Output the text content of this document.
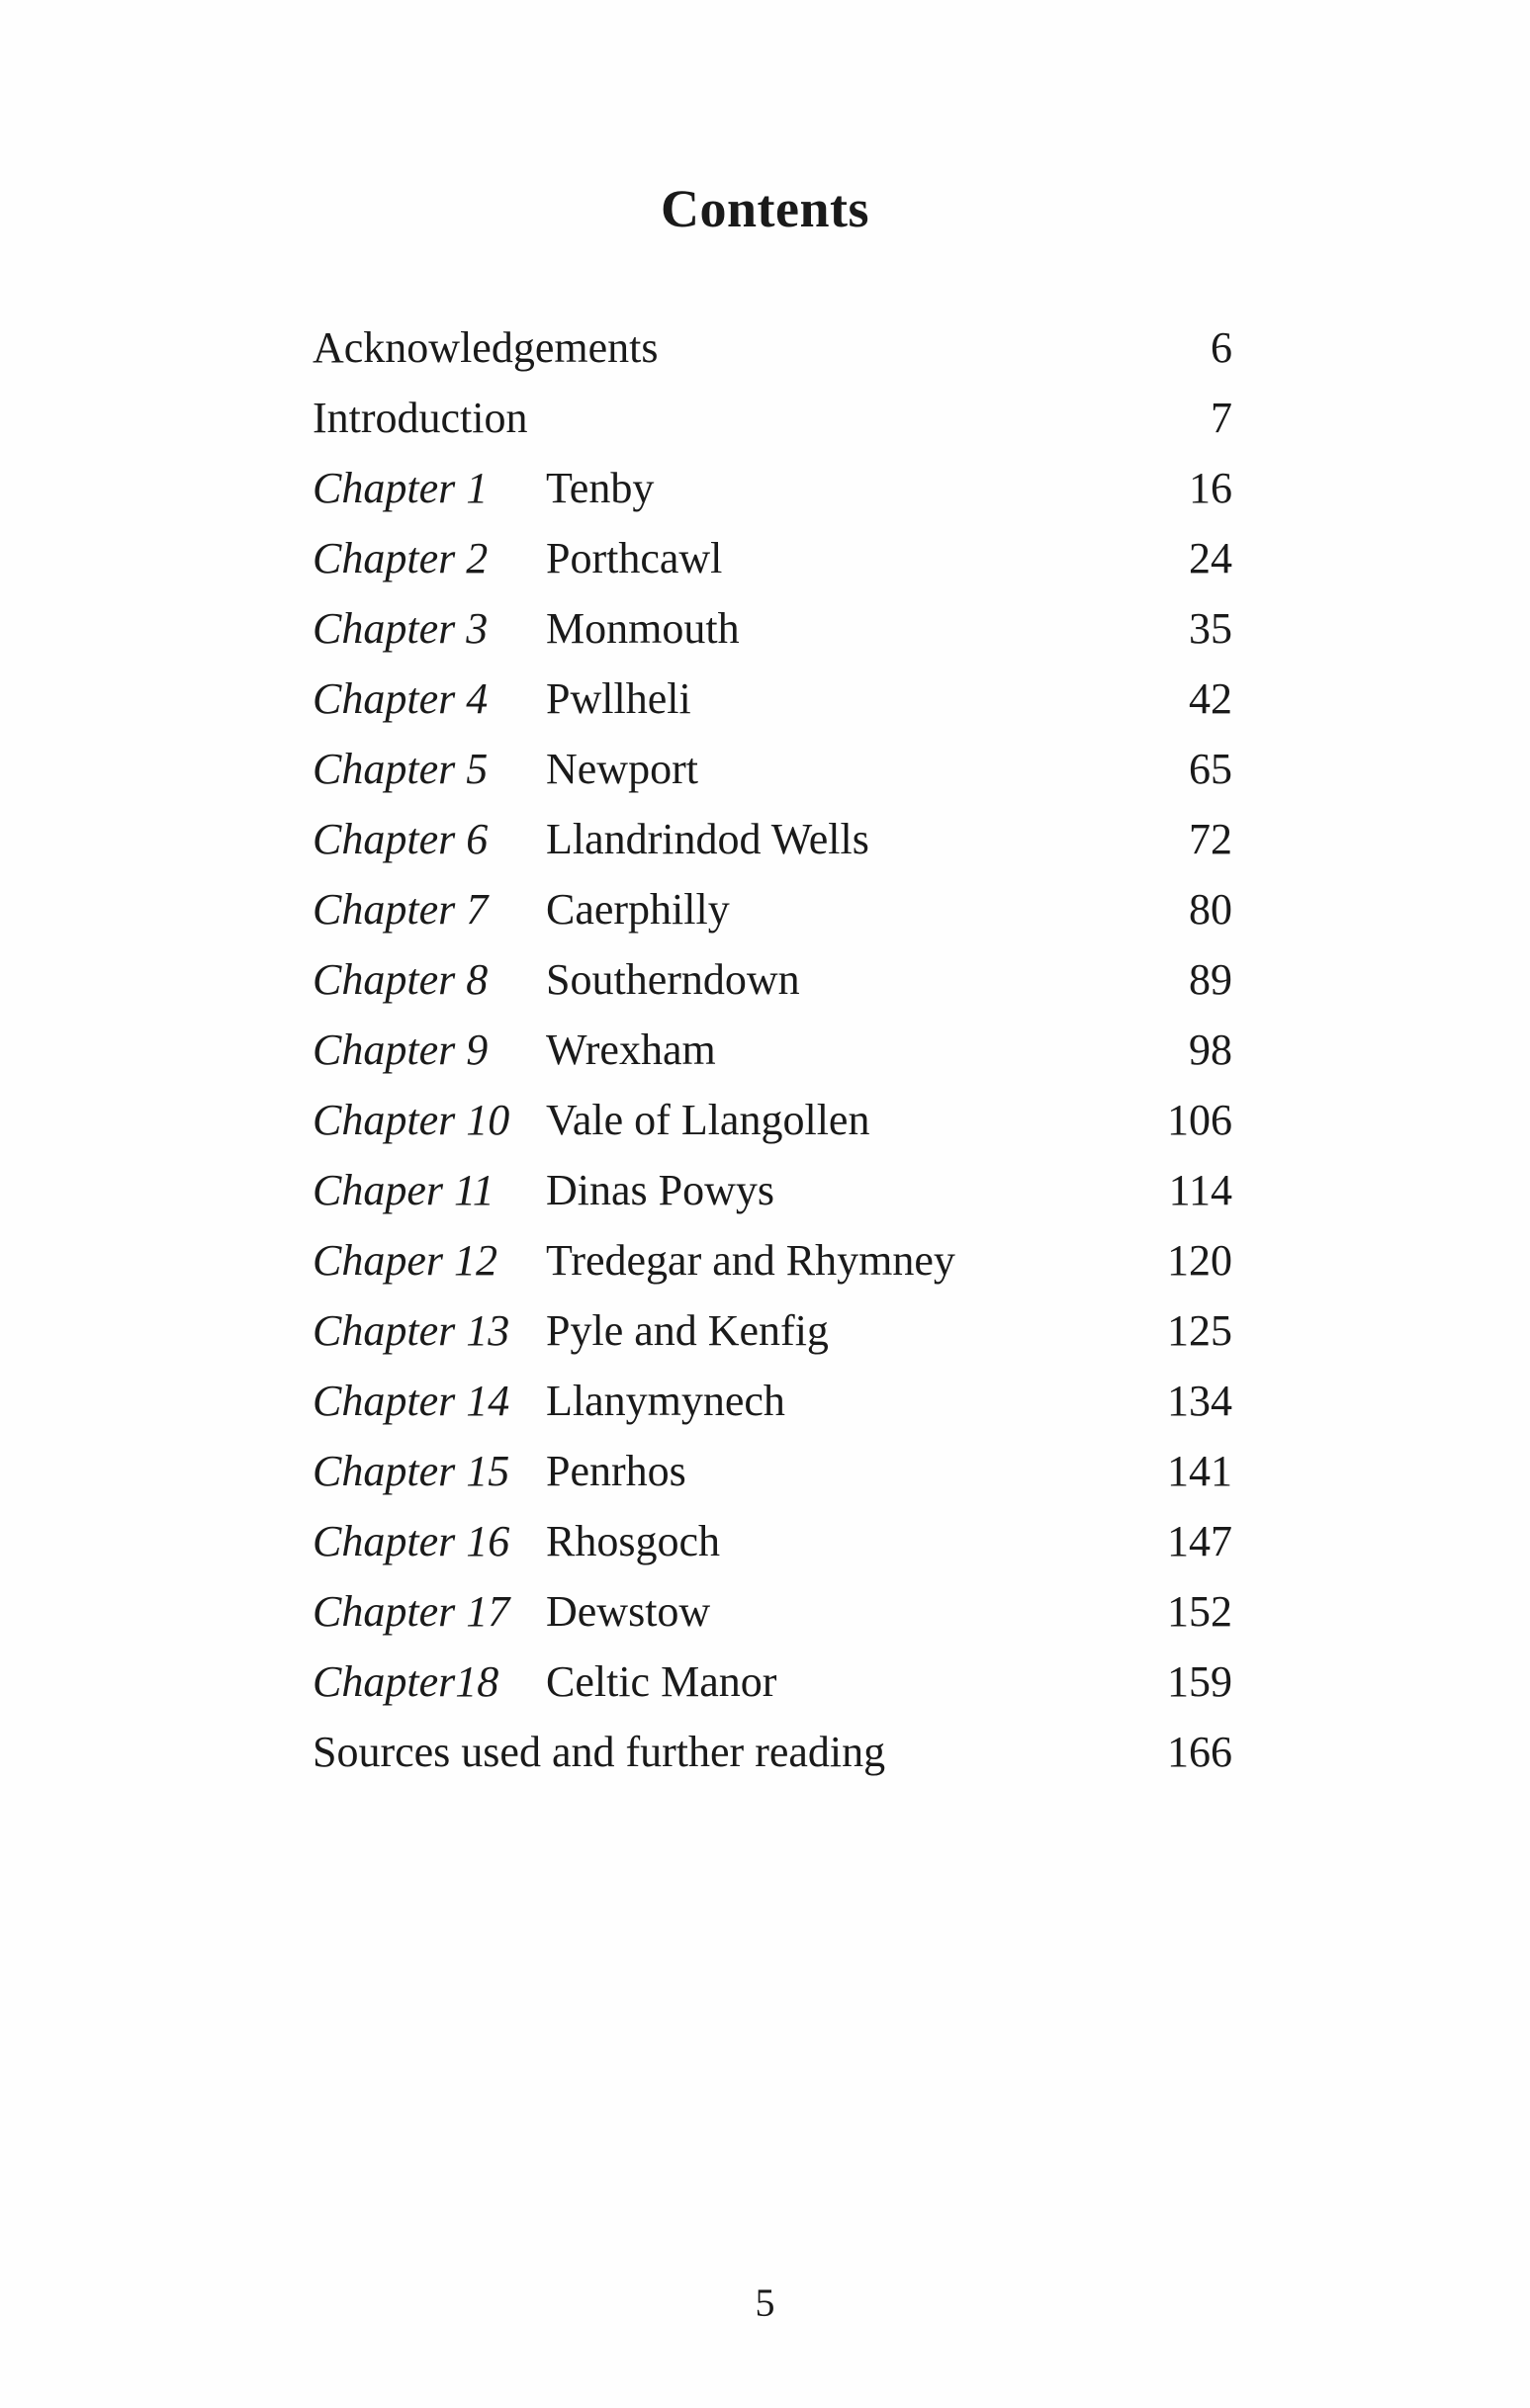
Contents
Acknowledgements	6
Introduction	7
Chapter 1 Tenby	16
Chapter 2 Porthcawl	24
Chapter 3 Monmouth	35
Chapter 4 Pwllheli	42
Chapter 5 Newport	65
Chapter 6 Llandrindod Wells	72
Chapter 7 Caerphilly	80
Chapter 8 Southerndown	89
Chapter 9 Wrexham	98
Chapter 10 Vale of Llangollen	106
Chaper 11 Dinas Powys	114
Chaper 12 Tredegar and Rhymney	120
Chapter 13 Pyle and Kenfig	125
Chapter 14 Llanymynech	134
Chapter 15 Penrhos	141
Chapter 16 Rhosgoch	147
Chapter 17 Dewstow	152
Chapter18 Celtic Manor	159
Sources used and further reading	166
5
